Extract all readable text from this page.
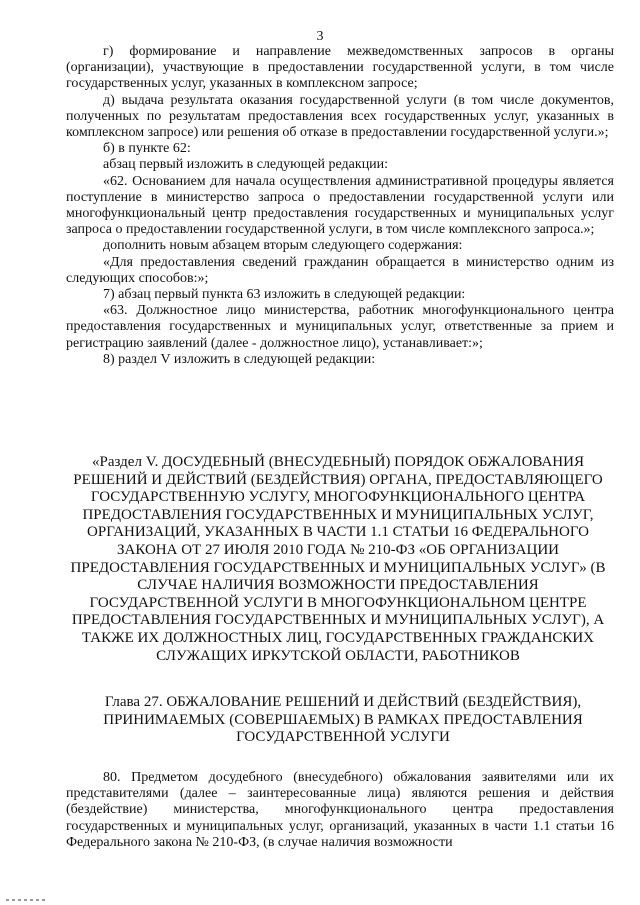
3

г) формирование и направление межведомственных запросов в органы (организации), участвующие в предоставлении государственной услуги, в том числе государственных услуг, указанных в комплексном запросе;

д) выдача результата оказания государственной услуги (в том числе документов, полученных по результатам предоставления всех государственных услуг, указанных в комплексном запросе) или решения об отказе в предоставлении государственной услуги.»;

б) в пункте 62:

абзац первый изложить в следующей редакции:

«62. Основанием для начала осуществления административной процедуры является поступление в министерство запроса о предоставлении государственной услуги или многофункциональный центр предоставления государственных и муниципальных услуг запроса о предоставлении государственной услуги, в том числе комплексного запроса.»;

дополнить новым абзацем вторым следующего содержания:

«Для предоставления сведений гражданин обращается в министерство одним из следующих способов:»;

7) абзац первый пункта 63 изложить в следующей редакции:

«63. Должностное лицо министерства, работник многофункционального центра предоставления государственных и муниципальных услуг, ответственные за прием и регистрацию заявлений (далее - должностное лицо), устанавливает:»;

8) раздел V изложить в следующей редакции:

«Раздел V. ДОСУДЕБНЫЙ (ВНЕСУДЕБНЫЙ) ПОРЯДОК ОБЖАЛОВАНИЯ РЕШЕНИЙ И ДЕЙСТВИЙ (БЕЗДЕЙСТВИЯ) ОРГАНА, ПРЕДОСТАВЛЯЮЩЕГО ГОСУДАРСТВЕННУЮ УСЛУГУ, МНОГОФУНКЦИОНАЛЬНОГО ЦЕНТРА ПРЕДОСТАВЛЕНИЯ ГОСУДАРСТВЕННЫХ И МУНИЦИПАЛЬНЫХ УСЛУГ, ОРГАНИЗАЦИЙ, УКАЗАННЫХ В ЧАСТИ 1.1 СТАТЬИ 16 ФЕДЕРАЛЬНОГО ЗАКОНА ОТ 27 ИЮЛЯ 2010 ГОДА № 210-ФЗ «ОБ ОРГАНИЗАЦИИ ПРЕДОСТАВЛЕНИЯ ГОСУДАРСТВЕННЫХ И МУНИЦИПАЛЬНЫХ УСЛУГ» (В СЛУЧАЕ НАЛИЧИЯ ВОЗМОЖНОСТИ ПРЕДОСТАВЛЕНИЯ ГОСУДАРСТВЕННОЙ УСЛУГИ В МНОГОФУНКЦИОНАЛЬНОМ ЦЕНТРЕ ПРЕДОСТАВЛЕНИЯ ГОСУДАРСТВЕННЫХ И МУНИЦИПАЛЬНЫХ УСЛУГ), А ТАКЖЕ ИХ ДОЛЖНОСТНЫХ ЛИЦ, ГОСУДАРСТВЕННЫХ ГРАЖДАНСКИХ СЛУЖАЩИХ ИРКУТСКОЙ ОБЛАСТИ, РАБОТНИКОВ
Глава 27. ОБЖАЛОВАНИЕ РЕШЕНИЙ И ДЕЙСТВИЙ (БЕЗДЕЙСТВИЯ), ПРИНИМАЕМЫХ (СОВЕРШАЕМЫХ) В РАМКАХ ПРЕДОСТАВЛЕНИЯ ГОСУДАРСТВЕННОЙ УСЛУГИ

80. Предметом досудебного (внесудебного) обжалования заявителями или их представителями (далее – заинтересованные лица) являются решения и действия (бездействие) министерства, многофункционального центра предоставления государственных и муниципальных услуг, организаций, указанных в части 1.1 статьи 16 Федерального закона № 210-ФЗ, (в случае наличия возможности
